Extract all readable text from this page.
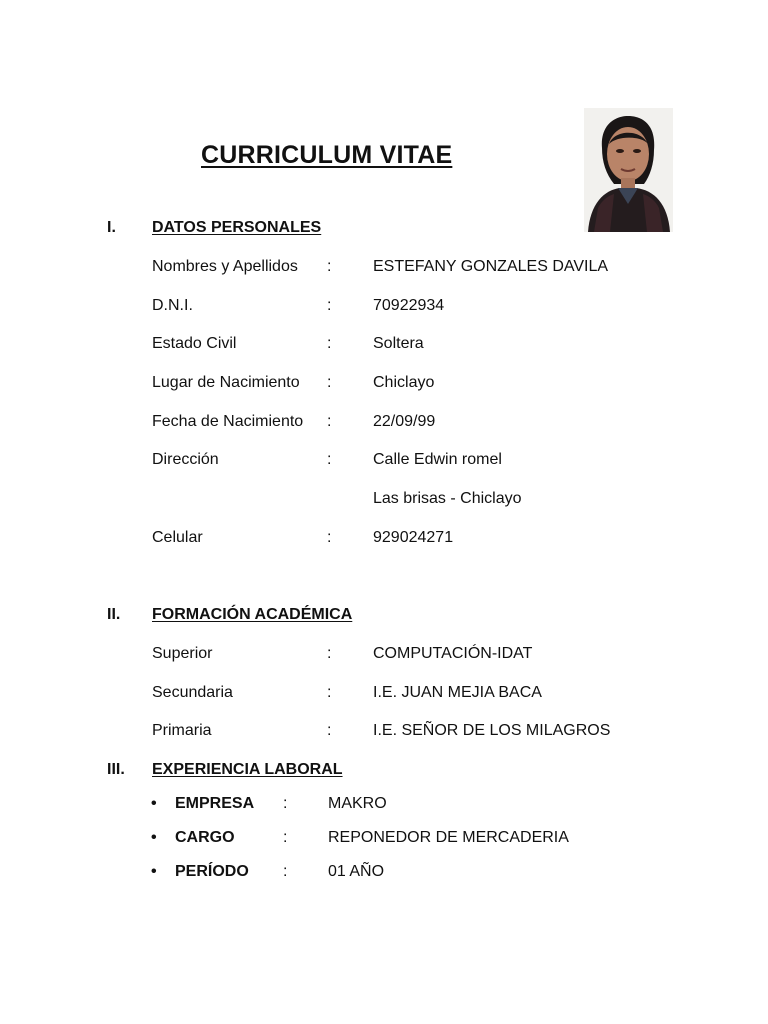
CURRICULUM VITAE
I. DATOS PERSONALES
Nombres y Apellidos :	ESTEFANY GONZALES DAVILA
D.N.I.	:	70922934
Estado Civil	:	Soltera
Lugar de Nacimiento :	Chiclayo
Fecha de Nacimiento :	22/09/99
Dirección	:	Calle Edwin romel
Las brisas - Chiclayo
Celular	:	929024271
II. FORMACIÓN ACADÉMICA
Superior	:	COMPUTACIÓN-IDAT
Secundaria	:	I.E. JUAN MEJIA BACA
Primaria	:	I.E. SEÑOR DE LOS MILAGROS
III. EXPERIENCIA LABORAL
• EMPRESA :	MAKRO
• CARGO	:	REPONEDOR DE MERCADERIA
• PERÍODO :	01 AÑO
